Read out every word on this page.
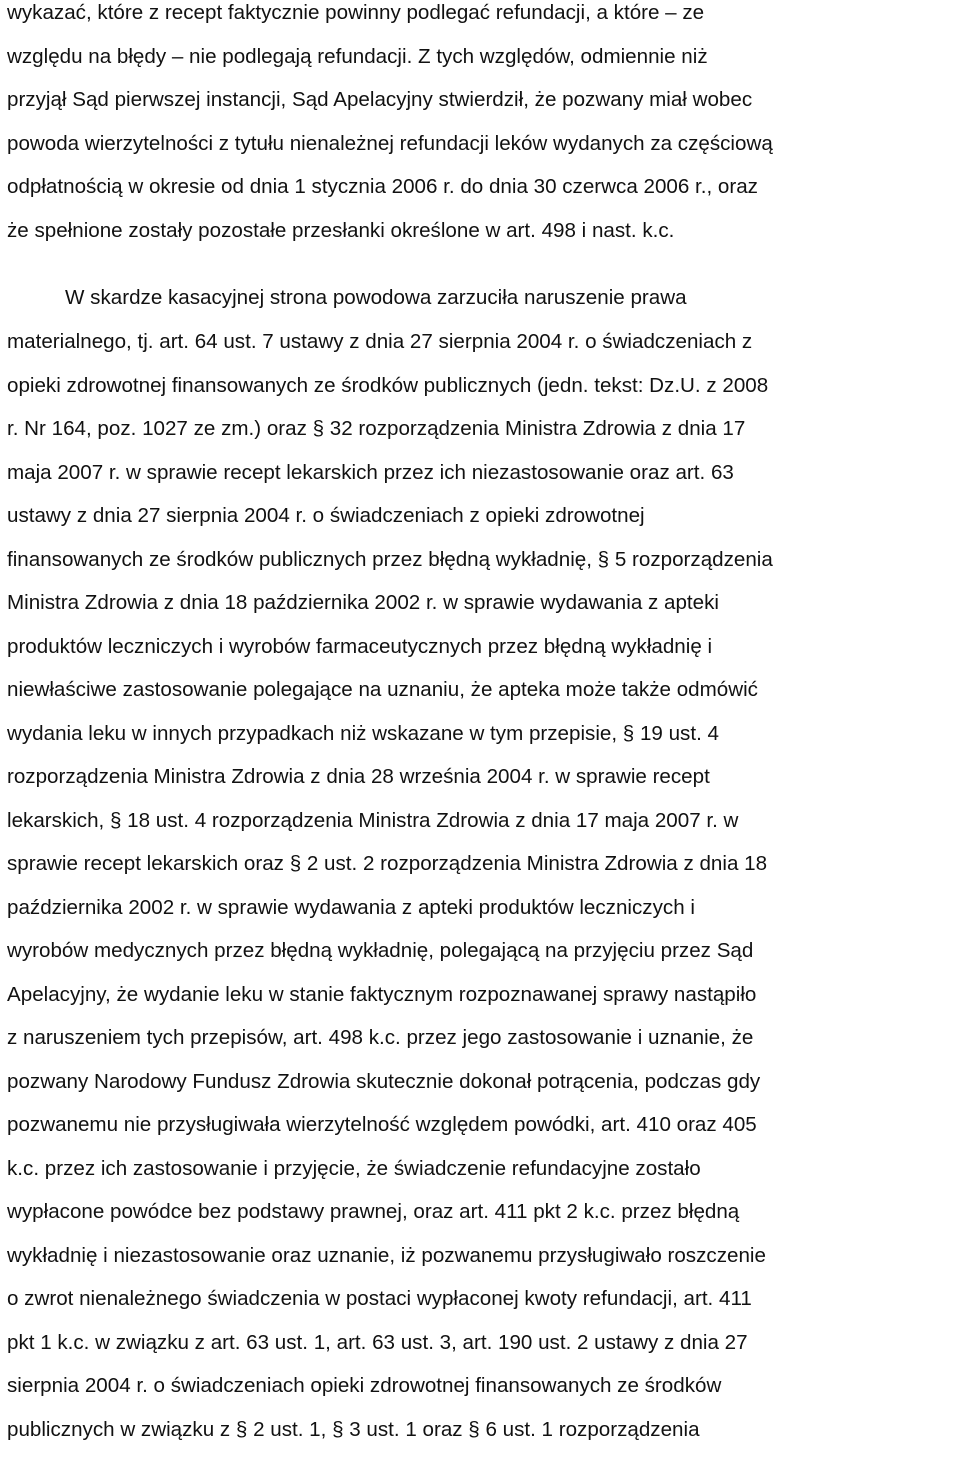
wykazać, które z recept faktycznie powinny podlegać refundacji, a które – ze
względu na błędy – nie podlegają refundacji. Z tych względów, odmiennie niż
przyjął Sąd pierwszej instancji, Sąd Apelacyjny stwierdził, że pozwany miał wobec
powoda wierzytelności z tytułu nienależnej refundacji leków wydanych za częściową
odpłatnością w okresie od dnia 1 stycznia 2006 r. do dnia 30 czerwca 2006 r., oraz
że spełnione zostały pozostałe przesłanki określone w art. 498 i nast. k.c.
W skardze kasacyjnej strona powodowa zarzuciła naruszenie prawa
materialnego, tj. art. 64 ust. 7 ustawy z dnia 27 sierpnia 2004 r. o świadczeniach z
opieki zdrowotnej finansowanych ze środków publicznych (jedn. tekst: Dz.U. z 2008
r. Nr 164, poz. 1027 ze zm.) oraz § 32 rozporządzenia Ministra Zdrowia z dnia 17
maja 2007 r. w sprawie recept lekarskich przez ich niezastosowanie oraz art. 63
ustawy z dnia 27 sierpnia 2004 r. o świadczeniach z opieki zdrowotnej
finansowanych ze środków publicznych przez błędną wykładnię, § 5 rozporządzenia
Ministra Zdrowia z dnia 18 października 2002 r. w sprawie wydawania z apteki
produktów leczniczych i wyrobów farmaceutycznych przez błędną wykładnię i
niewłaściwe zastosowanie polegające na uznaniu, że apteka może także odmówić
wydania leku w innych przypadkach niż wskazane w tym przepisie, § 19 ust. 4
rozporządzenia Ministra Zdrowia z dnia 28 września 2004 r. w sprawie recept
lekarskich, § 18 ust. 4 rozporządzenia Ministra Zdrowia z dnia 17 maja 2007 r. w
sprawie recept lekarskich oraz § 2 ust. 2 rozporządzenia Ministra Zdrowia z dnia 18
października 2002 r. w sprawie wydawania z apteki produktów leczniczych i
wyrobów medycznych przez błędną wykładnię, polegającą na przyjęciu przez Sąd
Apelacyjny, że wydanie leku w stanie faktycznym rozpoznawanej sprawy nastąpiło
z naruszeniem tych przepisów, art. 498 k.c. przez jego zastosowanie i uznanie, że
pozwany Narodowy Fundusz Zdrowia skutecznie dokonał potrącenia, podczas gdy
pozwanemu nie przysługiwała wierzytelność względem powódki, art. 410 oraz 405
k.c. przez ich zastosowanie i przyjęcie, że świadczenie refundacyjne zostało
wypłacone powódce bez podstawy prawnej, oraz art. 411 pkt 2 k.c. przez błędną
wykładnię i niezastosowanie oraz uznanie, iż pozwanemu przysługiwało roszczenie
o zwrot nienależnego świadczenia w postaci wypłaconej kwoty refundacji, art. 411
pkt 1 k.c. w związku z art. 63 ust. 1, art. 63 ust. 3, art. 190 ust. 2 ustawy z dnia 27
sierpnia 2004 r. o świadczeniach opieki zdrowotnej finansowanych ze środków
publicznych w związku z § 2 ust. 1, § 3 ust. 1 oraz § 6 ust. 1 rozporządzenia
